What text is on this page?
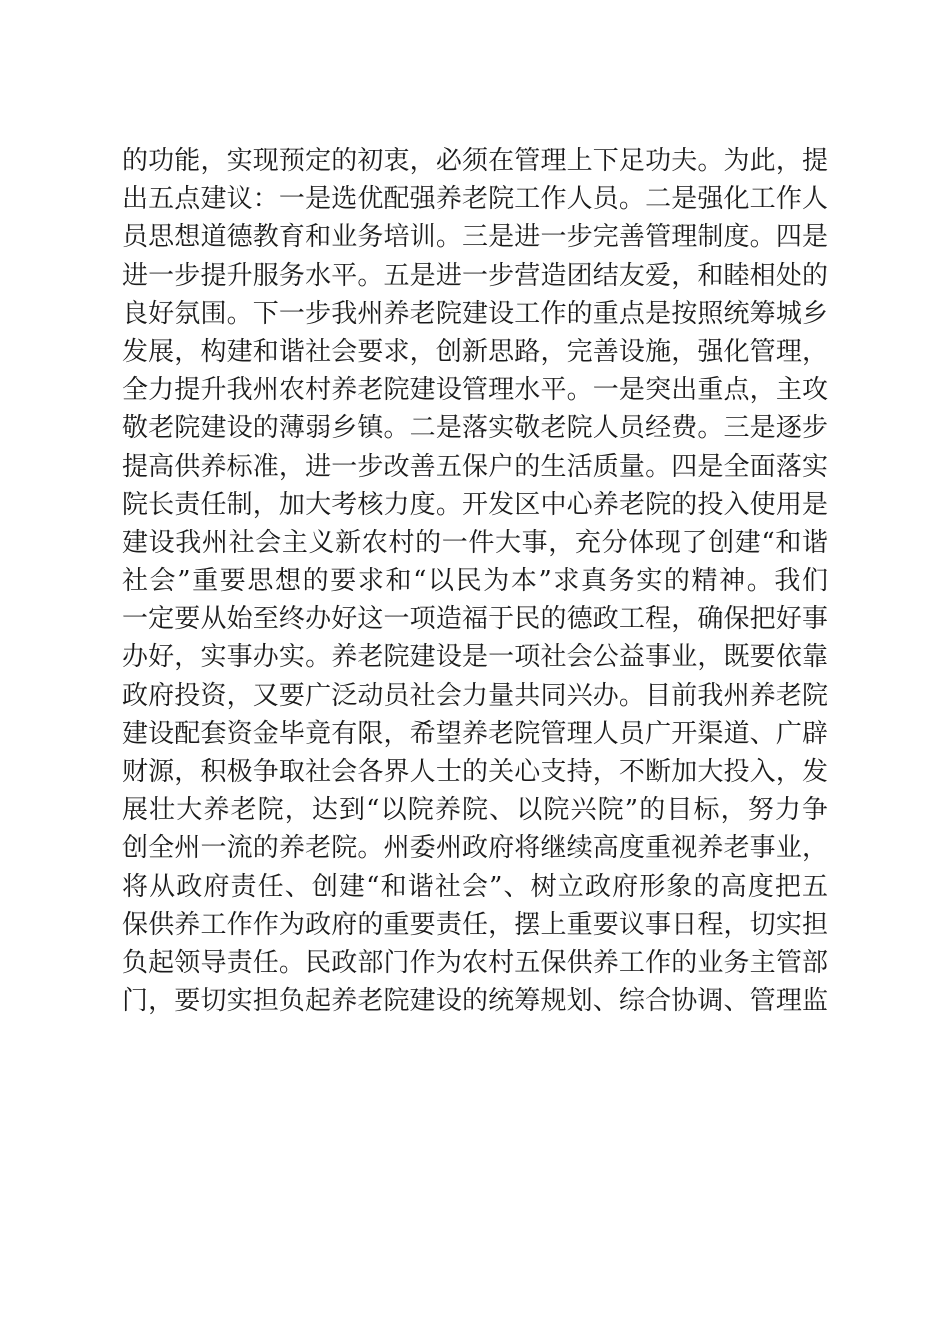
的功能，实现预定的初衷，必须在管理上下足功夫。为此，提
出五点建议：一是选优配强养老院工作人员。二是强化工作人
员思想道德教育和业务培训。三是进一步完善管理制度。四是
进一步提升服务水平。五是进一步营造团结友爱，和睦相处的
良好氛围。下一步我州养老院建设工作的重点是按照统筹城乡
发展，构建和谐社会要求，创新思路，完善设施，强化管理，
全力提升我州农村养老院建设管理水平。一是突出重点，主攻
敬老院建设的薄弱乡镇。二是落实敬老院人员经费。三是逐步
提高供养标准，进一步改善五保户的生活质量。四是全面落实
院长责任制，加大考核力度。开发区中心养老院的投入使用是
建设我州社会主义新农村的一件大事，充分体现了创建“和谐
社会”重要思想的要求和“以民为本”求真务实的精神。我们
一定要从始至终办好这一项造福于民的德政工程，确保把好事
办好，实事办实。养老院建设是一项社会公益事业，既要依靠
政府投资，又要广泛动员社会力量共同兴办。目前我州养老院
建设配套资金毕竟有限，希望养老院管理人员广开渠道、广辟
财源，积极争取社会各界人士的关心支持，不断加大投入，发
展壮大养老院，达到“以院养院、以院兴院”的目标，努力争
创全州一流的养老院。州委州政府将继续高度重视养老事业，
将从政府责任、创建“和谐社会”、树立政府形象的高度把五
保供养工作作为政府的重要责任，摆上重要议事日程，切实担
负起领导责任。民政部门作为农村五保供养工作的业务主管部
门，要切实担负起养老院建设的统筹规划、综合协调、管理监
